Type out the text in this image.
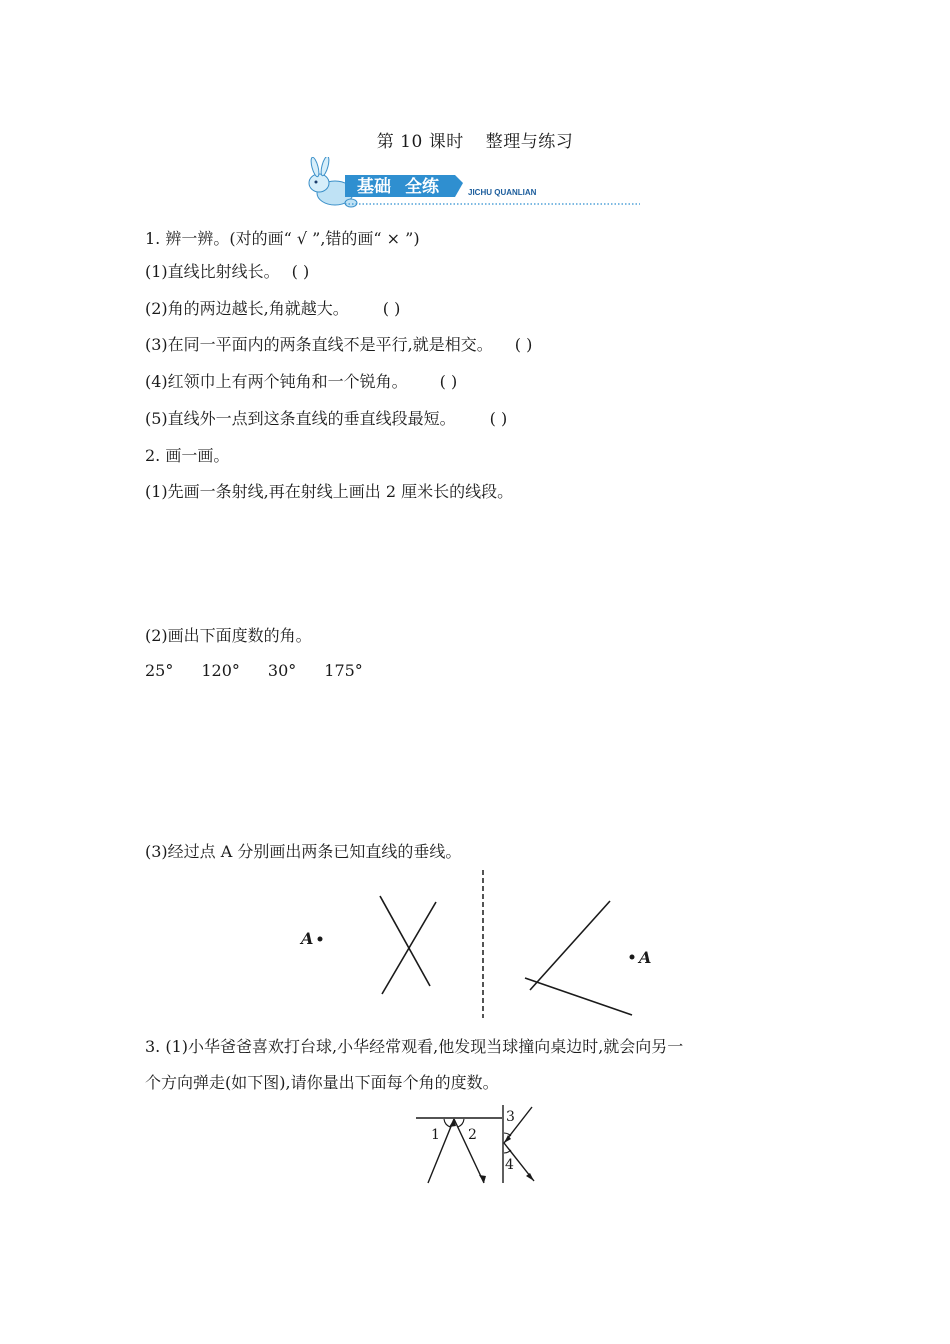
第 10 课时 整理与练习
基础 全练	JICHU QUANLIAN
1. 辨一辨。(对的画“ √ ”,错的画“ × ”)
(1)直线比射线长。 ( )
(2)角的两边越长,角就越大。 ( )
(3)在同一平面内的两条直线不是平行,就是相交。 ( )
(4)红领巾上有两个钝角和一个锐角。 ( )
(5)直线外一点到这条直线的垂直线段最短。 ( )
2. 画一画。
(1)先画一条射线,再在射线上画出 2 厘米长的线段。
(2)画出下面度数的角。
25° 120° 30° 175°
(3)经过点 A 分别画出两条已知直线的垂线。
A
A
3. (1)小华爸爸喜欢打台球,小华经常观看,他发现当球撞向桌边时,就会向另一
个方向弹走(如下图),请你量出下面每个角的度数。
1 2
3
4
